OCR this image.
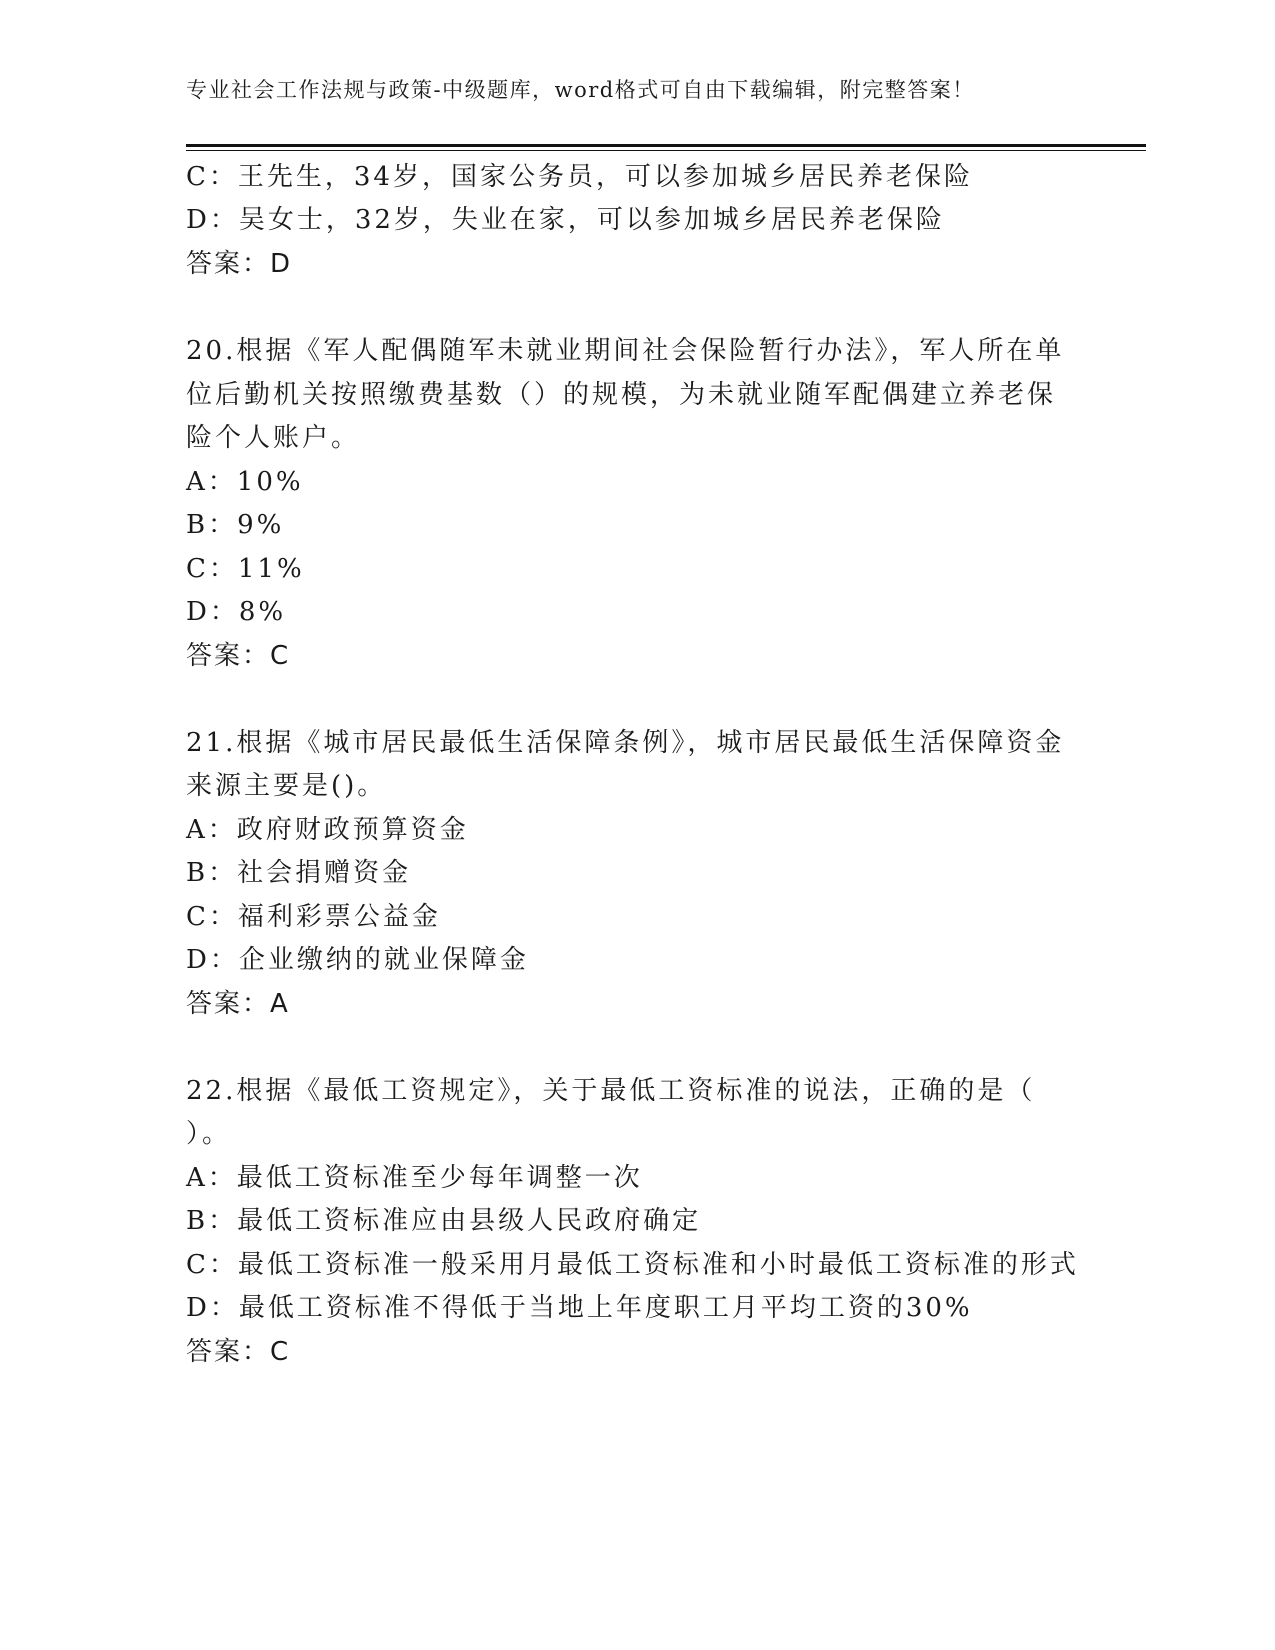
专业社会工作法规与政策-中级题库，word格式可自由下载编辑，附完整答案！
C：王先生，34岁，国家公务员，可以参加城乡居民养老保险
D：吴女士，32岁，失业在家，可以参加城乡居民养老保险
答案：D
20.根据《军人配偶随军未就业期间社会保险暂行办法》，军人所在单
位后勤机关按照缴费基数（）的规模，为未就业随军配偶建立养老保
险个人账户。
A：10%
B：9%
C：11%
D：8%
答案：C
21.根据《城市居民最低生活保障条例》，城市居民最低生活保障资金
来源主要是()。
A：政府财政预算资金
B：社会捐赠资金
C：福利彩票公益金
D：企业缴纳的就业保障金
答案：A
22.根据《最低工资规定》，关于最低工资标准的说法，正确的是（
）。
A：最低工资标准至少每年调整一次
B：最低工资标准应由县级人民政府确定
C：最低工资标准一般采用月最低工资标准和小时最低工资标准的形式
D：最低工资标准不得低于当地上年度职工月平均工资的30%
答案：C
